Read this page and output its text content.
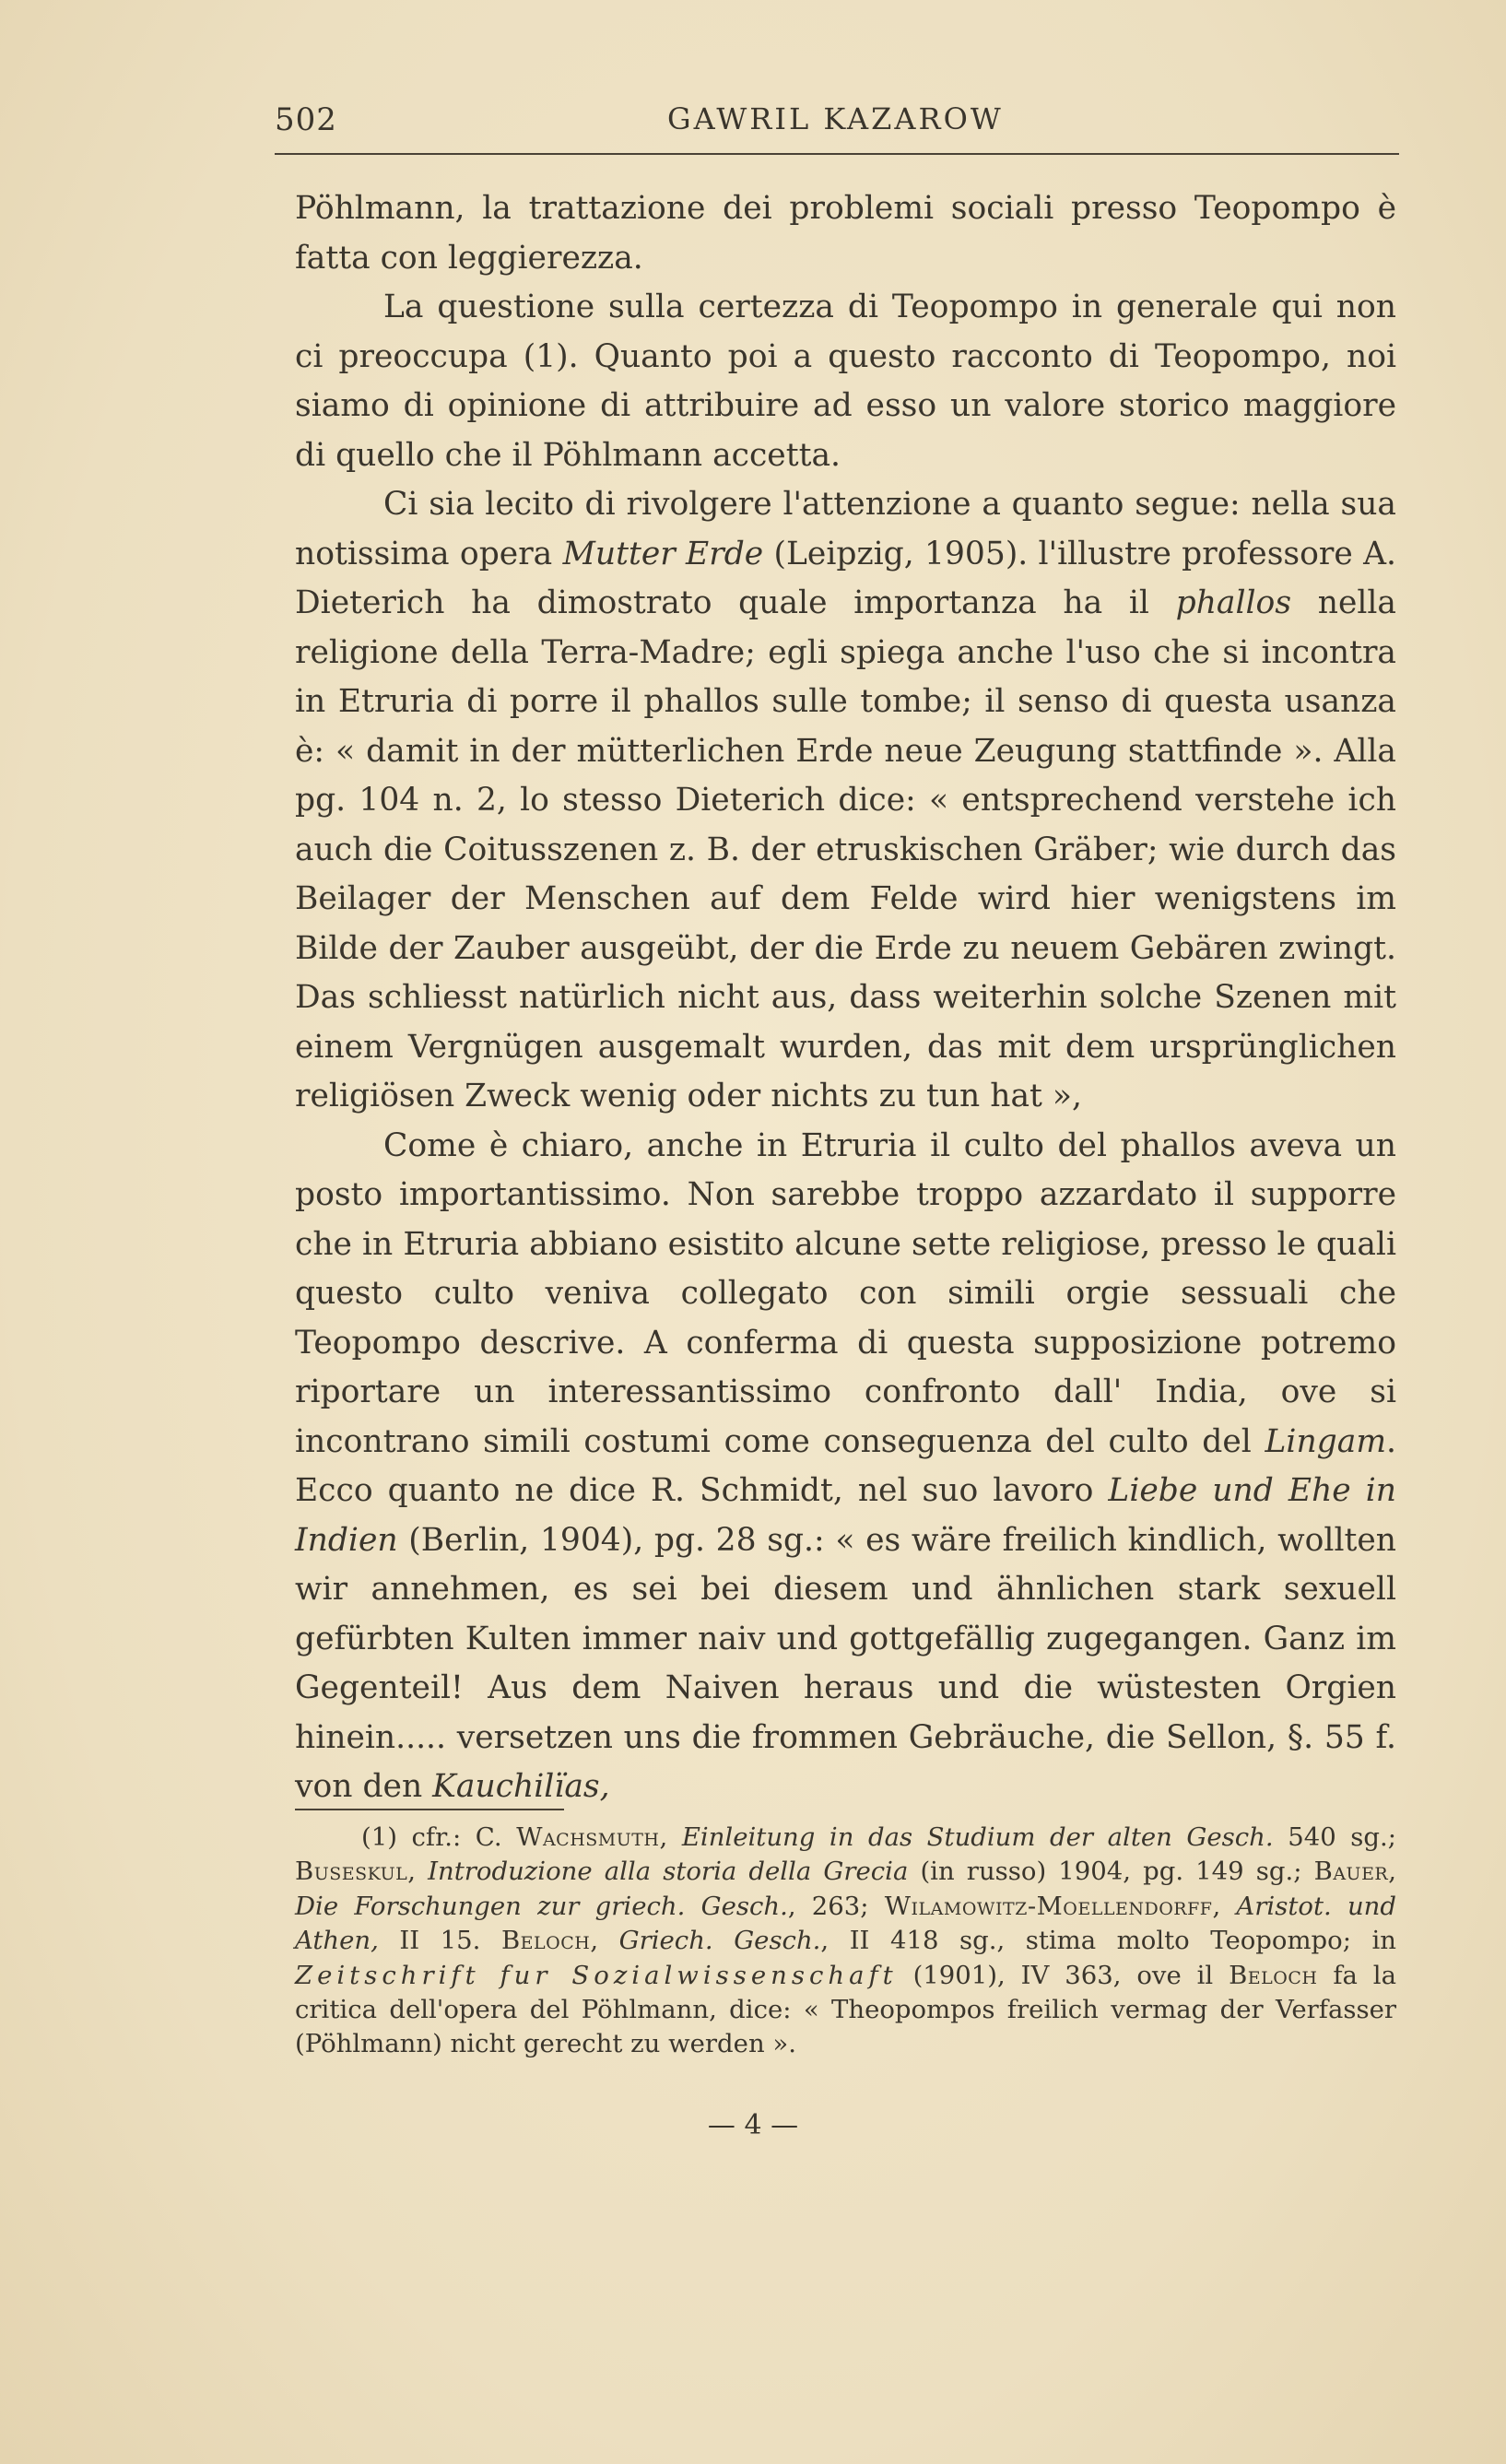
502	GAWRIL KAZAROW

Pöhlmann, la trattazione dei problemi sociali presso Teopompo è fatta con leggierezza.

La questione sulla certezza di Teopompo in generale qui non ci preoccupa (1). Quanto poi a questo racconto di Teopompo, noi siamo di opinione di attribuire ad esso un valore storico maggiore di quello che il Pöhlmann accetta.

Ci sia lecito di rivolgere l'attenzione a quanto segue: nella sua notissima opera Mutter Erde (Leipzig, 1905). l'illustre professore A. Dieterich ha dimostrato quale importanza ha il phallos nella religione della Terra-Madre; egli spiega anche l'uso che si incontra in Etruria di porre il phallos sulle tombe; il senso di questa usanza è: « damit in der mütterlichen Erde neue Zeugung stattfinde ». Alla pg. 104 n. 2, lo stesso Dieterich dice: « entsprechend verstehe ich auch die Coitusszenen z. B. der etruskischen Gräber; wie durch das Beilager der Menschen auf dem Felde wird hier wenigstens im Bilde der Zauber ausgeübt, der die Erde zu neuem Gebären zwingt. Das schliesst natürlich nicht aus, dass weiterhin solche Szenen mit einem Vergnügen ausgemalt wurden, das mit dem ursprünglichen religiösen Zweck wenig oder nichts zu tun hat »,

Come è chiaro, anche in Etruria il culto del phallos aveva un posto importantissimo. Non sarebbe troppo azzardato il supporre che in Etruria abbiano esistito alcune sette religiose, presso le quali questo culto veniva collegato con simili orgie sessuali che Teopompo descrive. A conferma di questa supposizione potremo riportare un interessantissimo confronto dall' India, ove si incontrano simili costumi come conseguenza del culto del Lingam. Ecco quanto ne dice R. Schmidt, nel suo lavoro Liebe und Ehe in Indien (Berlin, 1904), pg. 28 sg.: « es wäre freilich kindlich, wollten wir annehmen, es sei bei diesem und ähnlichen stark sexuell gefürbten Kulten immer naiv und gottgefällig zugegangen. Ganz im Gegenteil! Aus dem Naiven heraus und die wüstesten Orgien hinein..... versetzen uns die frommen Gebräuche, die Sellon, §. 55 f. von den Kauchilïas,

(1) cfr.: C. Wachsmuth, Einleitung in das Studium der alten Gesch. 540 sg.; Buseskul, Introduzione alla storia della Grecia (in russo) 1904, pg. 149 sg.; Bauer, Die Forschungen zur griech. Gesch., 263; Wilamowitz-Moellendorff, Aristot. und Athen, II 15. Beloch, Griech. Gesch., II 418 sg., stima molto Teopompo; in Zeitschrift fur Sozialwissenschaft (1901), IV 363, ove il Beloch fa la critica dell'opera del Pöhlmann, dice: « Theopompos freilich vermag der Verfasser (Pöhlmann) nicht gerecht zu werden ».
— 4 —
